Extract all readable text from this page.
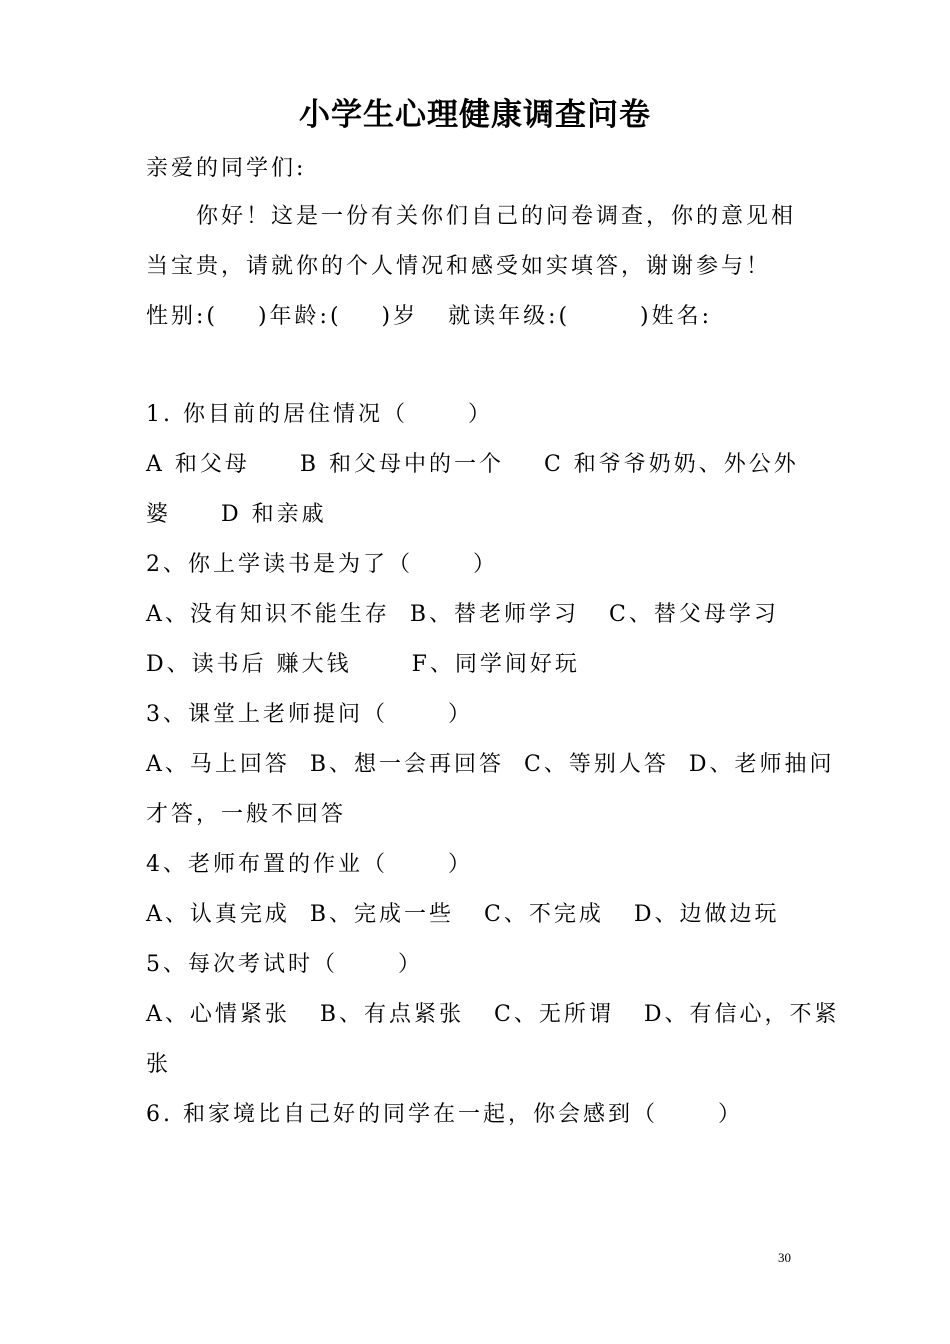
小学生心理健康调查问卷
亲爱的同学们:
你好！这是一份有关你们自己的问卷调查，你的意见相
当宝贵，请就你的个人情况和感受如实填答，谢谢参与！
性别:(    )年龄:(    )岁   就读年级:(       )姓名:
1. 你目前的居住情况（      ）
A 和父母     B 和父母中的一个    C 和爷爷奶奶、外公外
婆     D 和亲戚
2、你上学读书是为了（      ）
A、没有知识不能生存  B、替老师学习   C、替父母学习
D、读书后 赚大钱      F、同学间好玩
3、课堂上老师提问（      ）
A、马上回答  B、想一会再回答  C、等别人答  D、老师抽问
才答，一般不回答
4、老师布置的作业（      ）
A、认真完成  B、完成一些   C、不完成   D、边做边玩
5、每次考试时（      ）
A、心情紧张   B、有点紧张   C、无所谓   D、有信心，不紧
张
6. 和家境比自己好的同学在一起，你会感到（      ）
30
